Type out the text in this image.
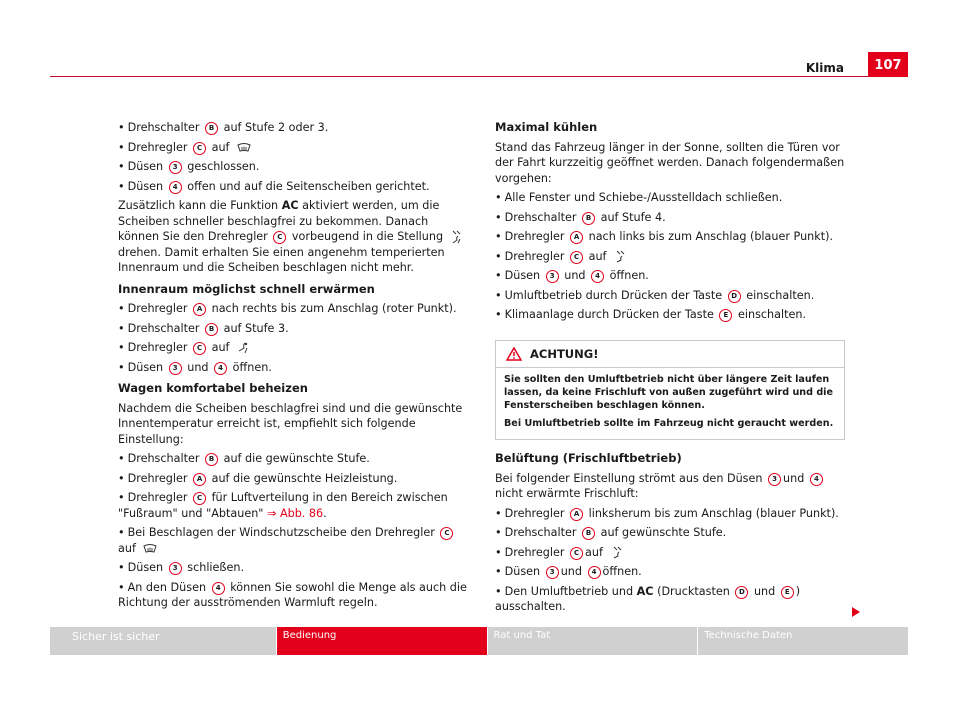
Klima	107

• Drehschalter B auf Stufe 2 oder 3.

• Drehregler C auf

• Düsen 3 geschlossen.

• Düsen 4 offen und auf die Seitenscheiben gerichtet.

Zusätzlich kann die Funktion AC aktiviert werden, um die Scheiben schneller beschlagfrei zu bekommen. Danach können Sie den Drehregler C vorbeugend in die Stellung  drehen. Damit erhalten Sie einen angenehm temperierten Innenraum und die Scheiben beschlagen nicht mehr.

Innenraum möglichst schnell erwärmen

• Drehregler A nach rechts bis zum Anschlag (roter Punkt).

• Drehschalter B auf Stufe 3.

• Drehregler C auf

• Düsen 3 und 4 öffnen.

Wagen komfortabel beheizen

Nachdem die Scheiben beschlagfrei sind und die gewünschte Innentemperatur erreicht ist, empfiehlt sich folgende Einstellung:

• Drehschalter B auf die gewünschte Stufe.

• Drehregler A auf die gewünschte Heizleistung.

• Drehregler C für Luftverteilung in den Bereich zwischen "Fußraum" und "Abtauen" ⇒ Abb. 86.

• Bei Beschlagen der Windschutzscheibe den Drehregler C
auf

• Düsen 3 schließen.

• An den Düsen 4 können Sie sowohl die Menge als auch die Richtung der ausströmenden Warmluft regeln.

Maximal kühlen

Stand das Fahrzeug länger in der Sonne, sollten die Türen vor der Fahrt kurzzeitig geöffnet werden. Danach folgendermaßen vorgehen:

• Alle Fenster und Schiebe-/Ausstelldach schließen.

• Drehschalter B auf Stufe 4.

• Drehregler A nach links bis zum Anschlag (blauer Punkt).

• Drehregler C auf

• Düsen 3 und 4 öffnen.

• Umluftbetrieb durch Drücken der Taste D einschalten.

• Klimaanlage durch Drücken der Taste E einschalten.

ACHTUNG!

Sie sollten den Umluftbetrieb nicht über längere Zeit laufen lassen, da keine Frischluft von außen zugeführt wird und die Fensterscheiben beschlagen können.

Bei Umluftbetrieb sollte im Fahrzeug nicht geraucht werden.

Belüftung (Frischluftbetrieb)

Bei folgender Einstellung strömt aus den Düsen 3 und 4 nicht erwärmte Frischluft:

• Drehregler A linksherum bis zum Anschlag (blauer Punkt).

• Drehschalter B auf gewünschte Stufe.

• Drehregler C auf

• Düsen 3 und 4 öffnen.

• Den Umluftbetrieb und AC (Drucktasten D und E ) ausschalten.

Sicher ist sicher	Bedienung	Rat und Tat	Technische Daten
